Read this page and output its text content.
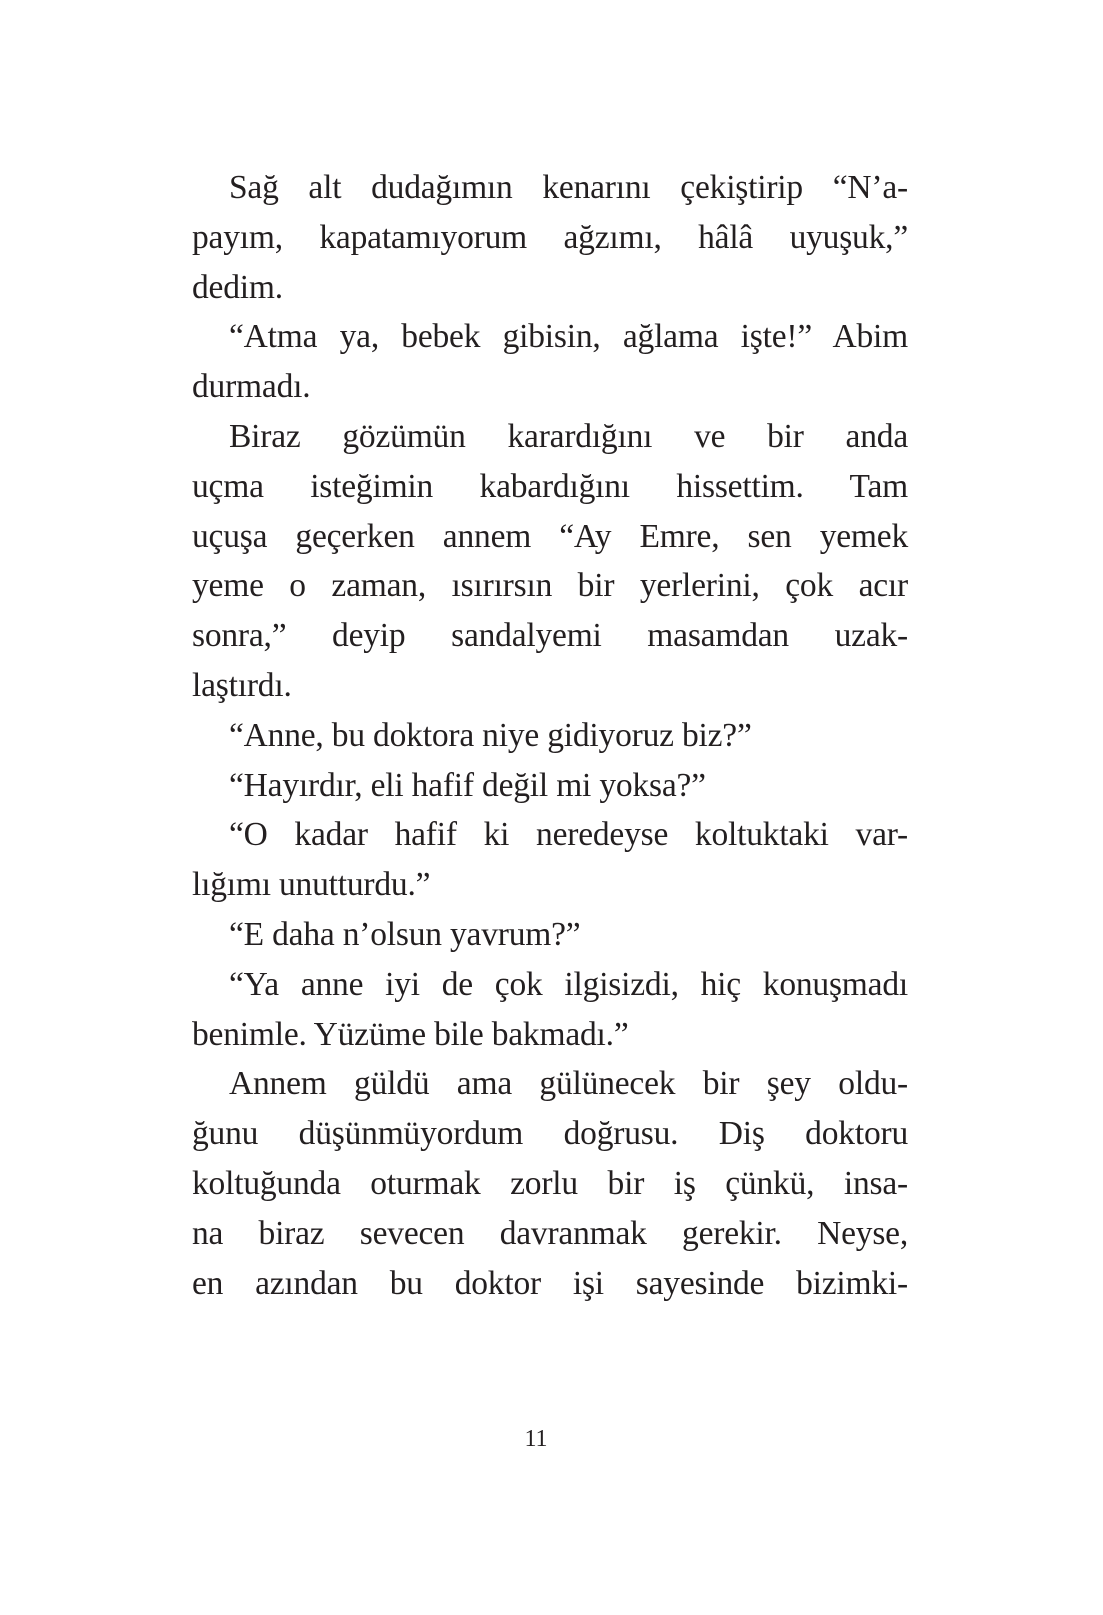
Sağ alt dudağımın kenarını çekiştirip “N’a-
payım, kapatamıyorum ağzımı, hâlâ uyuşuk,”
dedim.
“Atma ya, bebek gibisin, ağlama işte!” Abim
durmadı.
Biraz gözümün karardığını ve bir anda
uçma isteğimin kabardığını hissettim. Tam
uçuşa geçerken annem “Ay Emre, sen yemek
yeme o zaman, ısırırsın bir yerlerini, çok acır
sonra,” deyip sandalyemi masamdan uzak-
laştırdı.
“Anne, bu doktora niye gidiyoruz biz?”
“Hayırdır, eli hafif değil mi yoksa?”
“O kadar hafif ki neredeyse koltuktaki var-
lığımı unutturdu.”
“E daha n’olsun yavrum?”
“Ya anne iyi de çok ilgisizdi, hiç konuşmadı
benimle. Yüzüme bile bakmadı.”
Annem güldü ama gülünecek bir şey oldu-
ğunu düşünmüyordum doğrusu. Diş doktoru
koltuğunda oturmak zorlu bir iş çünkü, insa-
na biraz sevecen davranmak gerekir. Neyse,
en azından bu doktor işi sayesinde bizimki-
11
